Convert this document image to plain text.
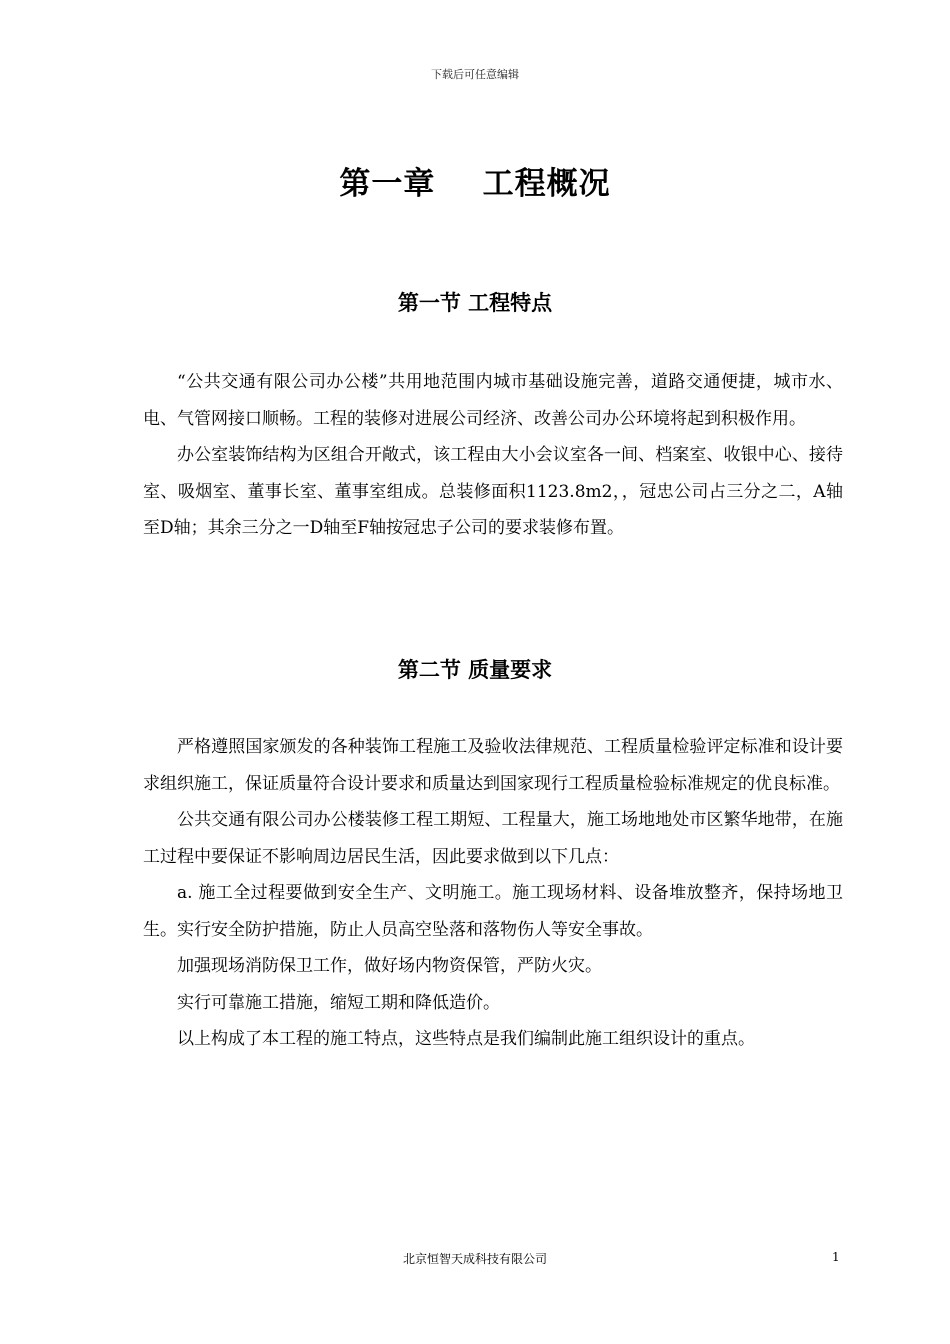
下载后可任意编辑
第一章    工程概况
第一节 工程特点

“公共交通有限公司办公楼”共用地范围内城市基础设施完善，道路交通便捷，城市水、电、气管网接口顺畅。工程的装修对进展公司经济、改善公司办公环境将起到积极作用。

办公室装饰结构为区组合开敞式，该工程由大小会议室各一间、档案室、收银中心、接待室、吸烟室、董事长室、董事室组成。总装修面积1123.8m2，，冠忠公司占三分之二，A轴至D轴；其余三分之一D轴至F轴按冠忠子公司的要求装修布置。

第二节 质量要求

严格遵照国家颁发的各种装饰工程施工及验收法律规范、工程质量检验评定标准和设计要求组织施工，保证质量符合设计要求和质量达到国家现行工程质量检验标准规定的优良标准。

公共交通有限公司办公楼装修工程工期短、工程量大，施工场地地处市区繁华地带，在施工过程中要保证不影响周边居民生活，因此要求做到以下几点：

a. 施工全过程要做到安全生产、文明施工。施工现场材料、设备堆放整齐，保持场地卫生。实行安全防护措施，防止人员高空坠落和落物伤人等安全事故。

加强现场消防保卫工作，做好场内物资保管，严防火灾。

实行可靠施工措施，缩短工期和降低造价。

以上构成了本工程的施工特点，这些特点是我们编制此施工组织设计的重点。

北京恒智天成科技有限公司	1
